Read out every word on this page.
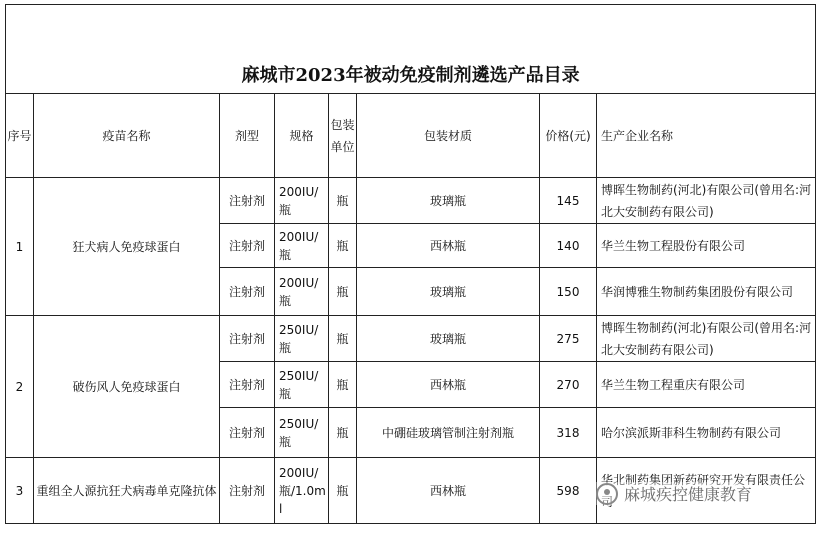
麻城市2023年被动免疫制剂遴选产品目录							
序号	疫苗名称	剂型	规格	包装单位	包装材质	价格(元)	生产企业名称
1	狂犬病人免疫球蛋白	注射剂	200IU/瓶	瓶	玻璃瓶	145	博晖生物制药(河北)有限公司(曾用名:河北大安制药有限公司)
		注射剂	200IU/瓶	瓶	西林瓶	140	华兰生物工程股份有限公司
		注射剂	200IU/瓶	瓶	玻璃瓶	150	华润博雅生物制药集团股份有限公司
2	破伤风人免疫球蛋白	注射剂	250IU/瓶	瓶	玻璃瓶	275	博晖生物制药(河北)有限公司(曾用名:河北大安制药有限公司)
		注射剂	250IU/瓶	瓶	西林瓶	270	华兰生物工程重庆有限公司
		注射剂	250IU/瓶	瓶	中硼硅玻璃管制注射剂瓶	318	哈尔滨派斯菲科生物制药有限公司
3	重组全人源抗狂犬病毒单克隆抗体	注射剂	200IU/瓶/1.0ml	瓶	西林瓶	598	华北制药集团新药研究开发有限责任公司 麻城疾控健康教育
